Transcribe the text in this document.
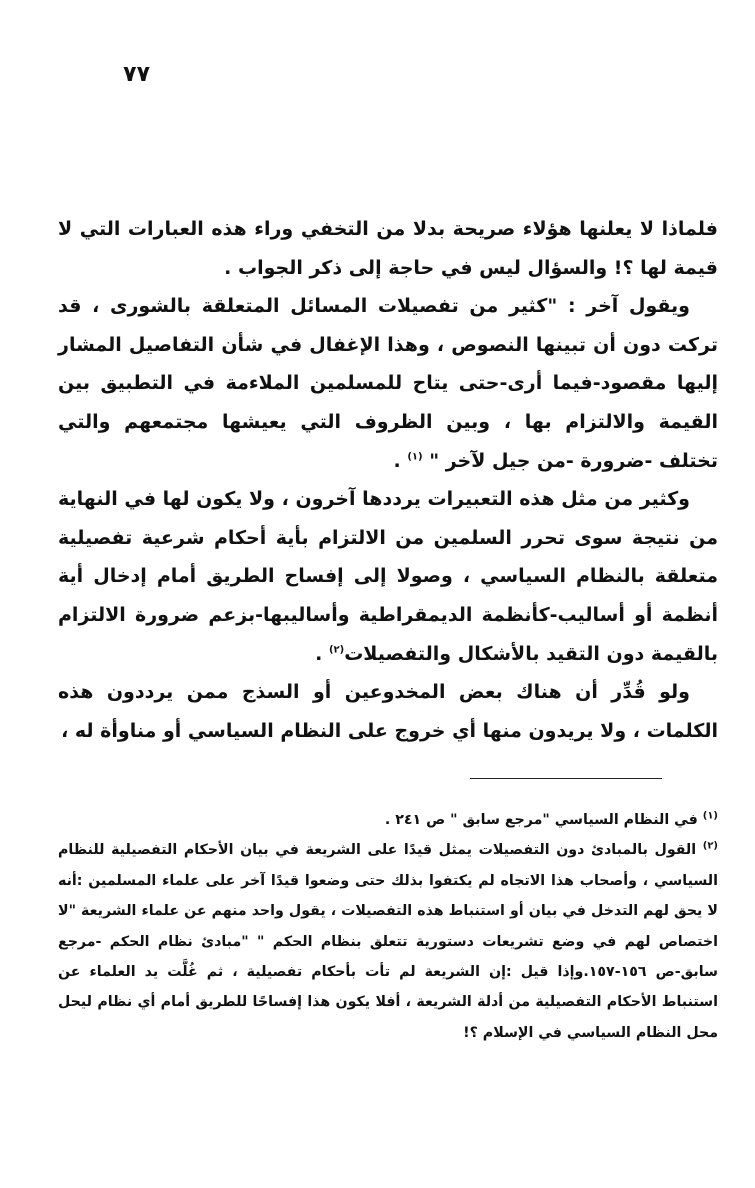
٧٧

فلماذا لا يعلنها هؤلاء صريحة بدلا من التخفي وراء هذه العبارات التي لا قيمة لها ؟! والسؤال ليس في حاجة إلى ذكر الجواب .

ويقول آخر : "كثير من تفصيلات المسائل المتعلقة بالشورى ، قد تركت دون أن تبينها النصوص ، وهذا الإغفال في شأن التفاصيل المشار إليها مقصود-فيما أرى-حتى يتاح للمسلمين الملاءمة في التطبيق بين القيمة والالتزام بها ، وبين الظروف التي يعيشها مجتمعهم والتي تختلف -ضرورة -من جيل لآخر " $^{(١)}$ .

وكثير من مثل هذه التعبيرات يرددها آخرون ، ولا يكون لها في النهاية من نتيجة سوى تحرر السلمين من الالتزام بأية أحكام شرعية تفصيلية متعلقة بالنظام السياسي ، وصولا إلى إفساح الطريق أمام إدخال أية أنظمة أو أساليب-كأنظمة الديمقراطية وأساليبها-بزعم ضرورة الالتزام بالقيمة دون التقيد بالأشكال والتفصيلات$^{(٢)}$ .

ولو قُدِّر أن هناك بعض المخدوعين أو السذج ممن يرددون هذه الكلمات ، ولا يريدون منها أي خروج على النظام السياسي أو مناوأة له ،

$^{(١)}$ في النظام السياسي "مرجع سابق " ص ٢٤١ .

$^{(٢)}$ القول بالمبادئ دون التفصيلات يمثل قيدًا على الشريعة في بيان الأحكام التفصيلية للنظام السياسي ، وأصحاب هذا الاتجاه لم يكتفوا بذلك حتى وضعوا قيدًا آخر على علماء المسلمين :أنه لا يحق لهم التدخل في بيان أو استنباط هذه التفصيلات ، يقول واحد منهم عن علماء الشريعة "لا اختصاص لهم في وضع تشريعات دستورية تتعلق بنظام الحكم " "مبادئ نظام الحكم -مرجع سابق-ص ١٥٦-١٥٧.وإذا قيل :إن الشريعة لم تأت بأحكام تفصيلية ، ثم غُلَّت يد العلماء عن استنباط الأحكام التفصيلية من أدلة الشريعة ، أفلا يكون هذا إفساحًا للطريق أمام أي نظام ليحل محل النظام السياسي في الإسلام ؟!
